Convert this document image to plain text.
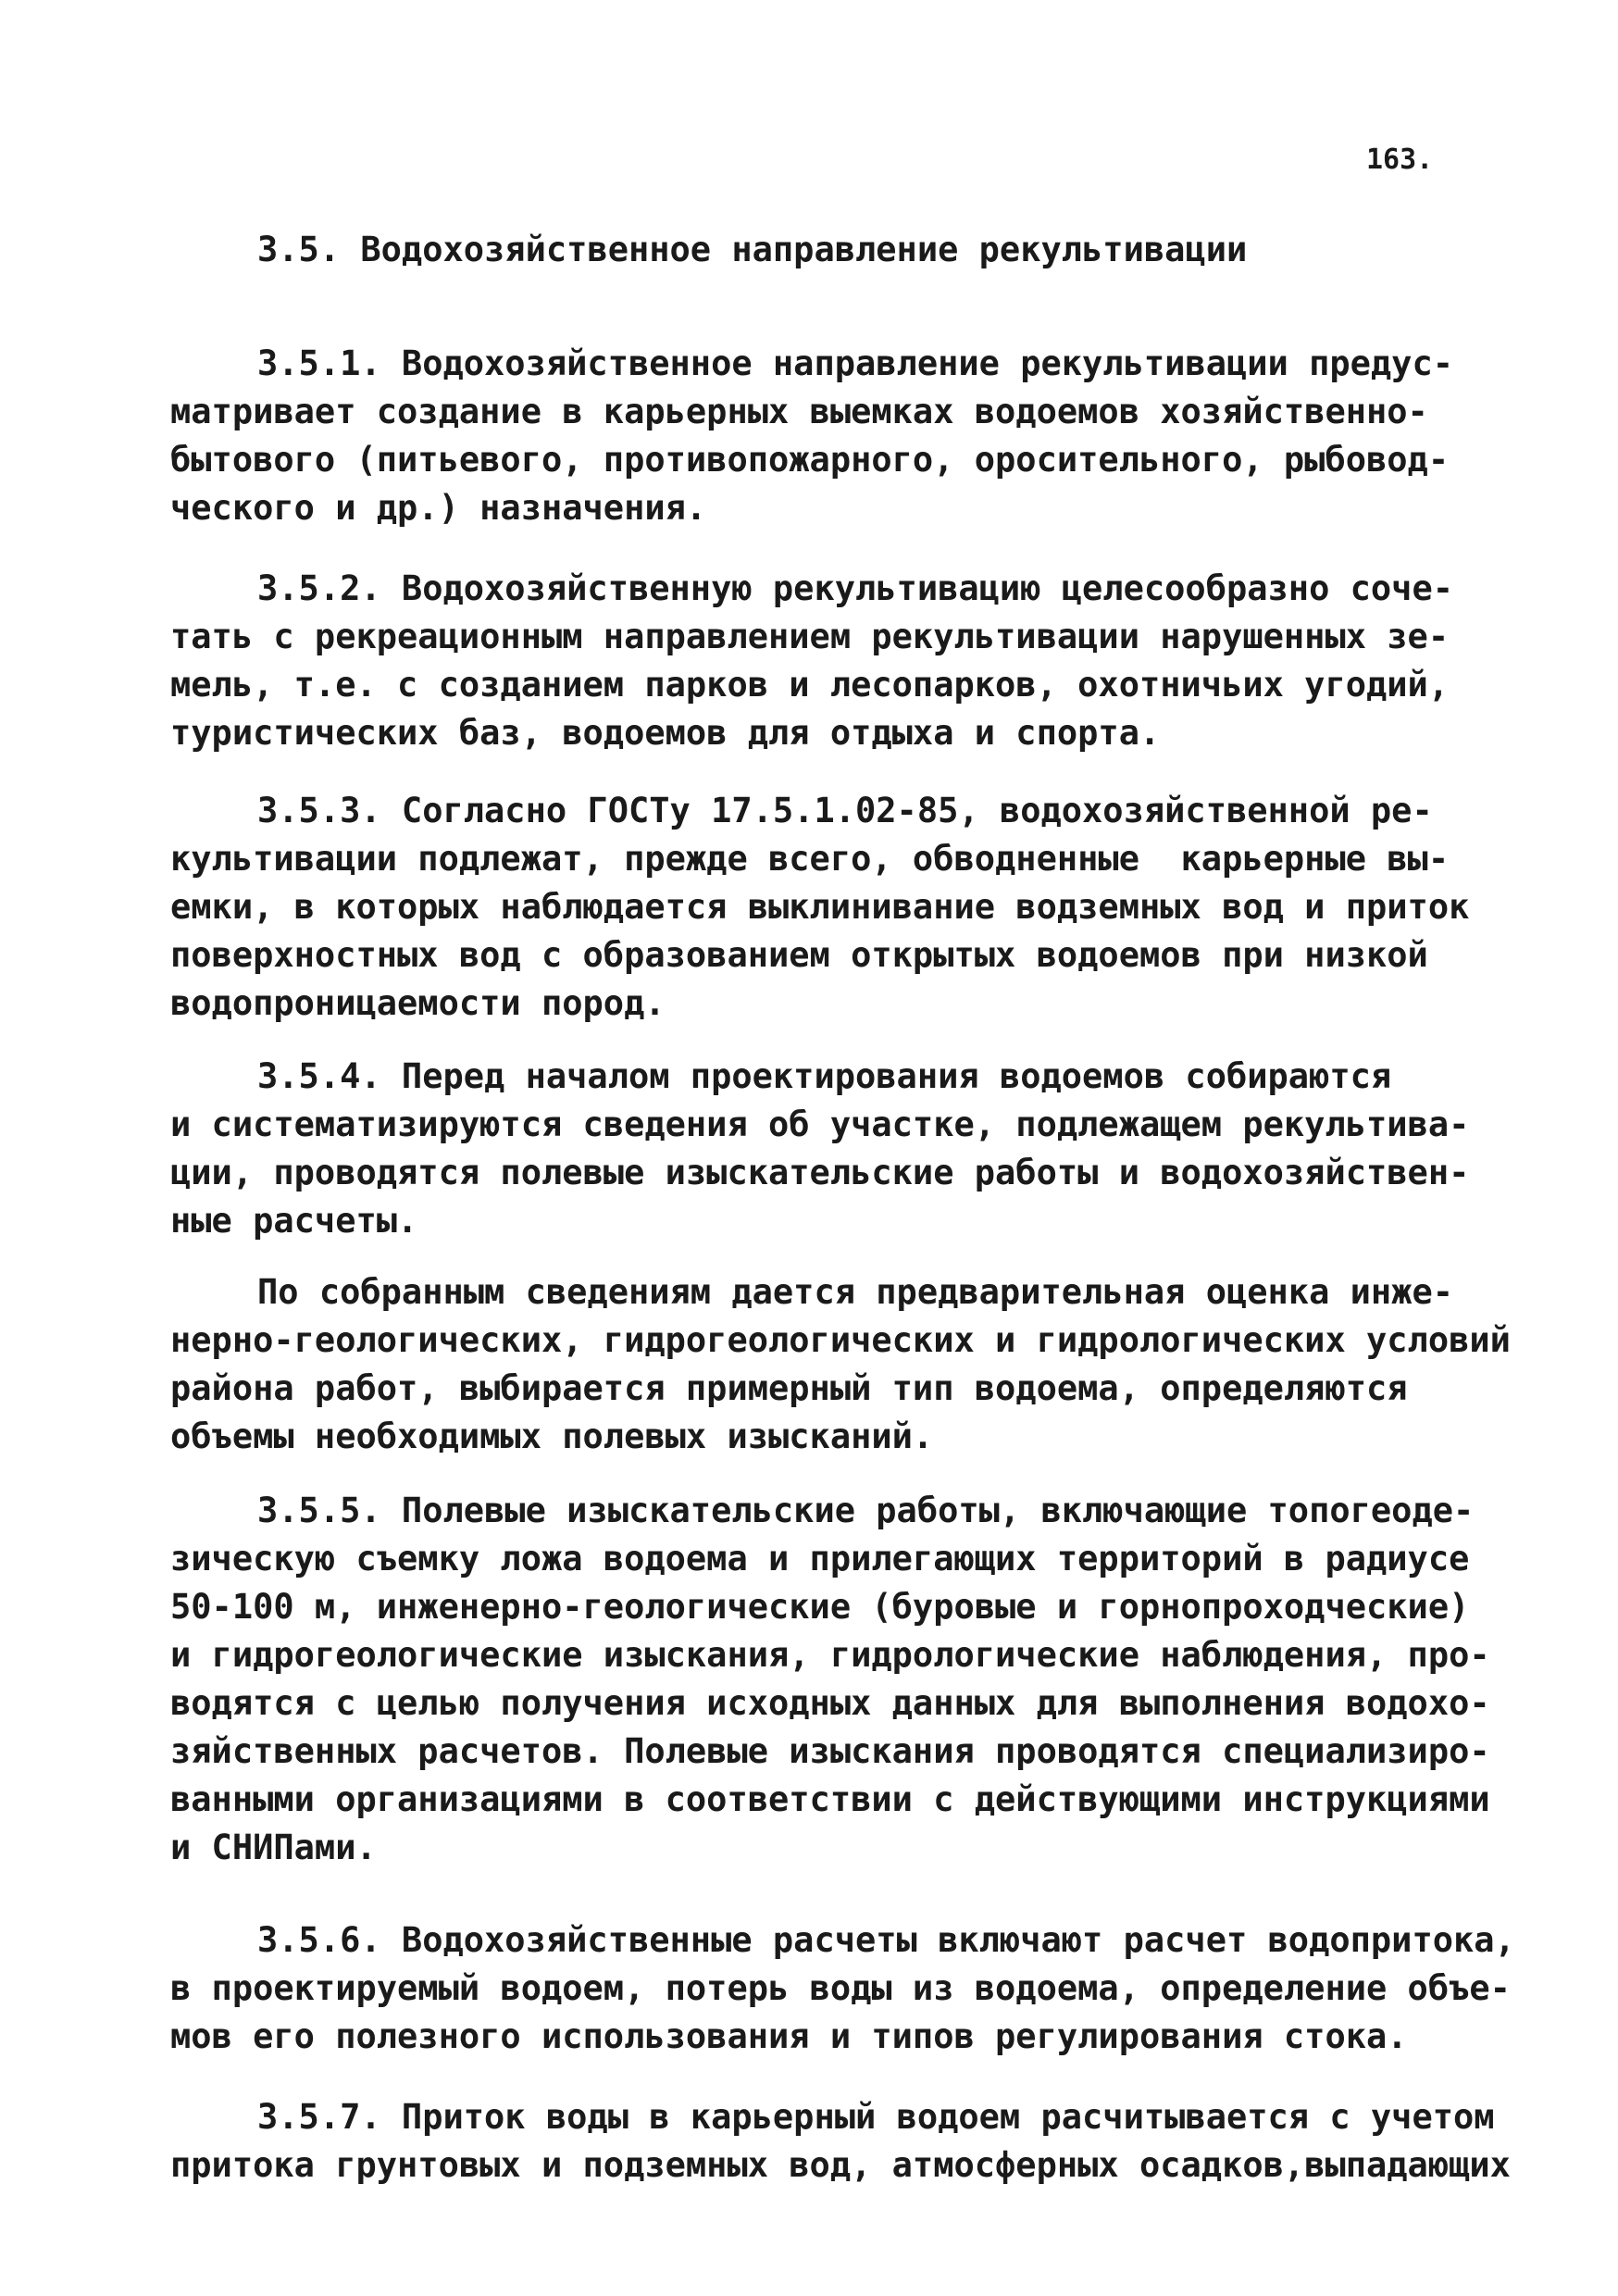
163.
3.5. Водохозяйственное направление рекультивации
3.5.1. Водохозяйственное направление рекультивации предус-
матривает создание в карьерных выемках водоемов хозяйственно-
бытового (питьевого, противопожарного, оросительного, рыбовод-
ческого и др.) назначения.
3.5.2. Водохозяйственную рекультивацию целесообразно соче-
тать с рекреационным направлением рекультивации нарушенных зе-
мель, т.е. с созданием парков и лесопарков, охотничьих угодий,
туристических баз, водоемов для отдыха и спорта.
3.5.3. Согласно ГОСТу 17.5.1.02-85, водохозяйственной ре-
культивации подлежат, прежде всего, обводненные  карьерные вы-
емки, в которых наблюдается выклинивание водземных вод и приток
поверхностных вод с образованием открытых водоемов при низкой
водопроницаемости пород.
3.5.4. Перед началом проектирования водоемов собираются
и систематизируются сведения об участке, подлежащем рекультива-
ции, проводятся полевые изыскательские работы и водохозяйствен-
ные расчеты.
По собранным сведениям дается предварительная оценка инже-
нерно-геологических, гидрогеологических и гидрологических условий
района работ, выбирается примерный тип водоема, определяются
объемы необходимых полевых изысканий.
3.5.5. Полевые изыскательские работы, включающие топогеоде-
зическую съемку ложа водоема и прилегающих территорий в радиусе
50-100 м, инженерно-геологические (буровые и горнопроходческие)
и гидрогеологические изыскания, гидрологические наблюдения, про-
водятся с целью получения исходных данных для выполнения водохо-
зяйственных расчетов. Полевые изыскания проводятся специализиро-
ванными организациями в соответствии с действующими инструкциями
и СНИПами.
3.5.6. Водохозяйственные расчеты включают расчет водопритока,
в проектируемый водоем, потерь воды из водоема, определение объе-
мов его полезного использования и типов регулирования стока.
3.5.7. Приток воды в карьерный водоем расчитывается с учетом
притока грунтовых и подземных вод, атмосферных осадков,выпадающих
